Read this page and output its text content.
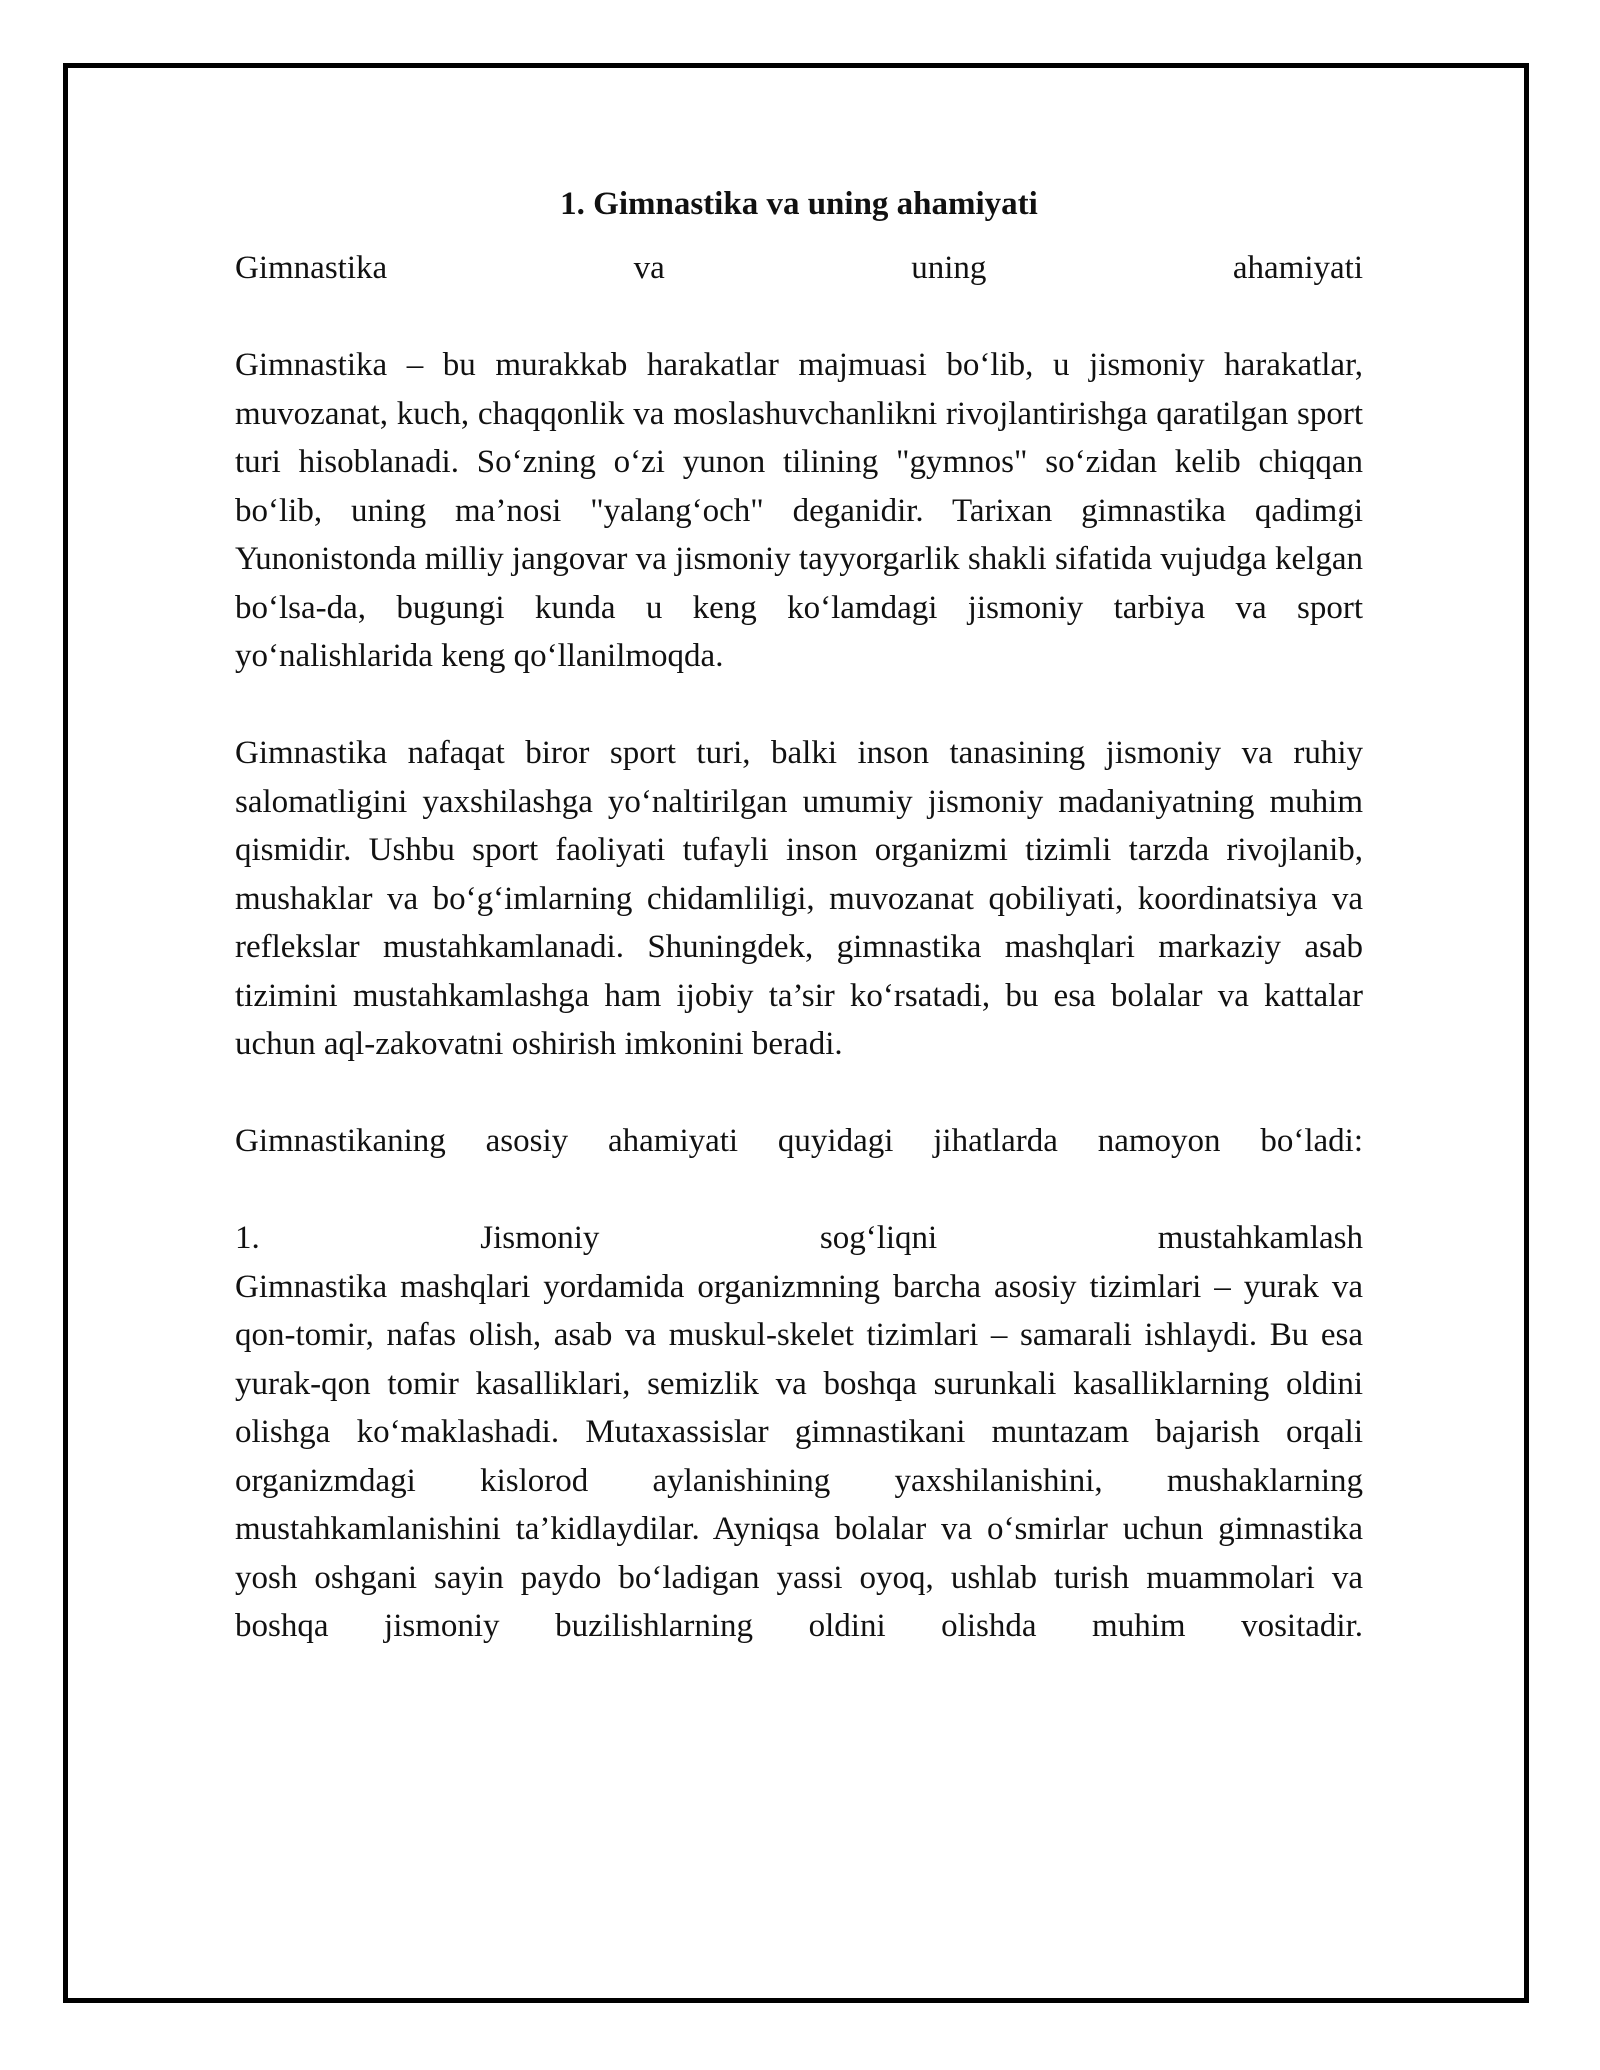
1. Gimnastika va uning ahamiyati

Gimnastika va uning ahamiyati

Gimnastika – bu murakkab harakatlar majmuasi bo‘lib, u jismoniy harakatlar, muvozanat, kuch, chaqqonlik va moslashuvchanlikni rivojlantirishga qaratilgan sport turi hisoblanadi. So‘zning o‘zi yunon tilining "gymnos" so‘zidan kelib chiqqan bo‘lib, uning ma’nosi "yalang‘och" deganidir. Tarixan gimnastika qadimgi Yunonistonda milliy jangovar va jismoniy tayyorgarlik shakli sifatida vujudga kelgan bo‘lsa-da, bugungi kunda u keng ko‘lamdagi jismoniy tarbiya va sport yo‘nalishlarida keng qo‘llanilmoqda.

Gimnastika nafaqat biror sport turi, balki inson tanasining jismoniy va ruhiy salomatligini yaxshilashga yo‘naltirilgan umumiy jismoniy madaniyatning muhim qismidir. Ushbu sport faoliyati tufayli inson organizmi tizimli tarzda rivojlanib, mushaklar va bo‘g‘imlarning chidamliligi, muvozanat qobiliyati, koordinatsiya va reflekslar mustahkamlanadi. Shuningdek, gimnastika mashqlari markaziy asab tizimini mustahkamlashga ham ijobiy ta’sir ko‘rsatadi, bu esa bolalar va kattalar uchun aql-zakovatni oshirish imkonini beradi.

Gimnastikaning asosiy ahamiyati quyidagi jihatlarda namoyon bo‘ladi:

1. Jismoniy sog‘liqni mustahkamlash

Gimnastika mashqlari yordamida organizmning barcha asosiy tizimlari – yurak va qon-tomir, nafas olish, asab va muskul-skelet tizimlari – samarali ishlaydi. Bu esa yurak-qon tomir kasalliklari, semizlik va boshqa surunkali kasalliklarning oldini olishga ko‘maklashadi. Mutaxassislar gimnastikani muntazam bajarish orqali organizmdagi kislorod aylanishining yaxshilanishini, mushaklarning mustahkamlanishini ta’kidlaydilar. Ayniqsa bolalar va o‘smirlar uchun gimnastika yosh oshgani sayin paydo bo‘ladigan yassi oyoq, ushlab turish muammolari va boshqa jismoniy buzilishlarning oldini olishda muhim vositadir.
